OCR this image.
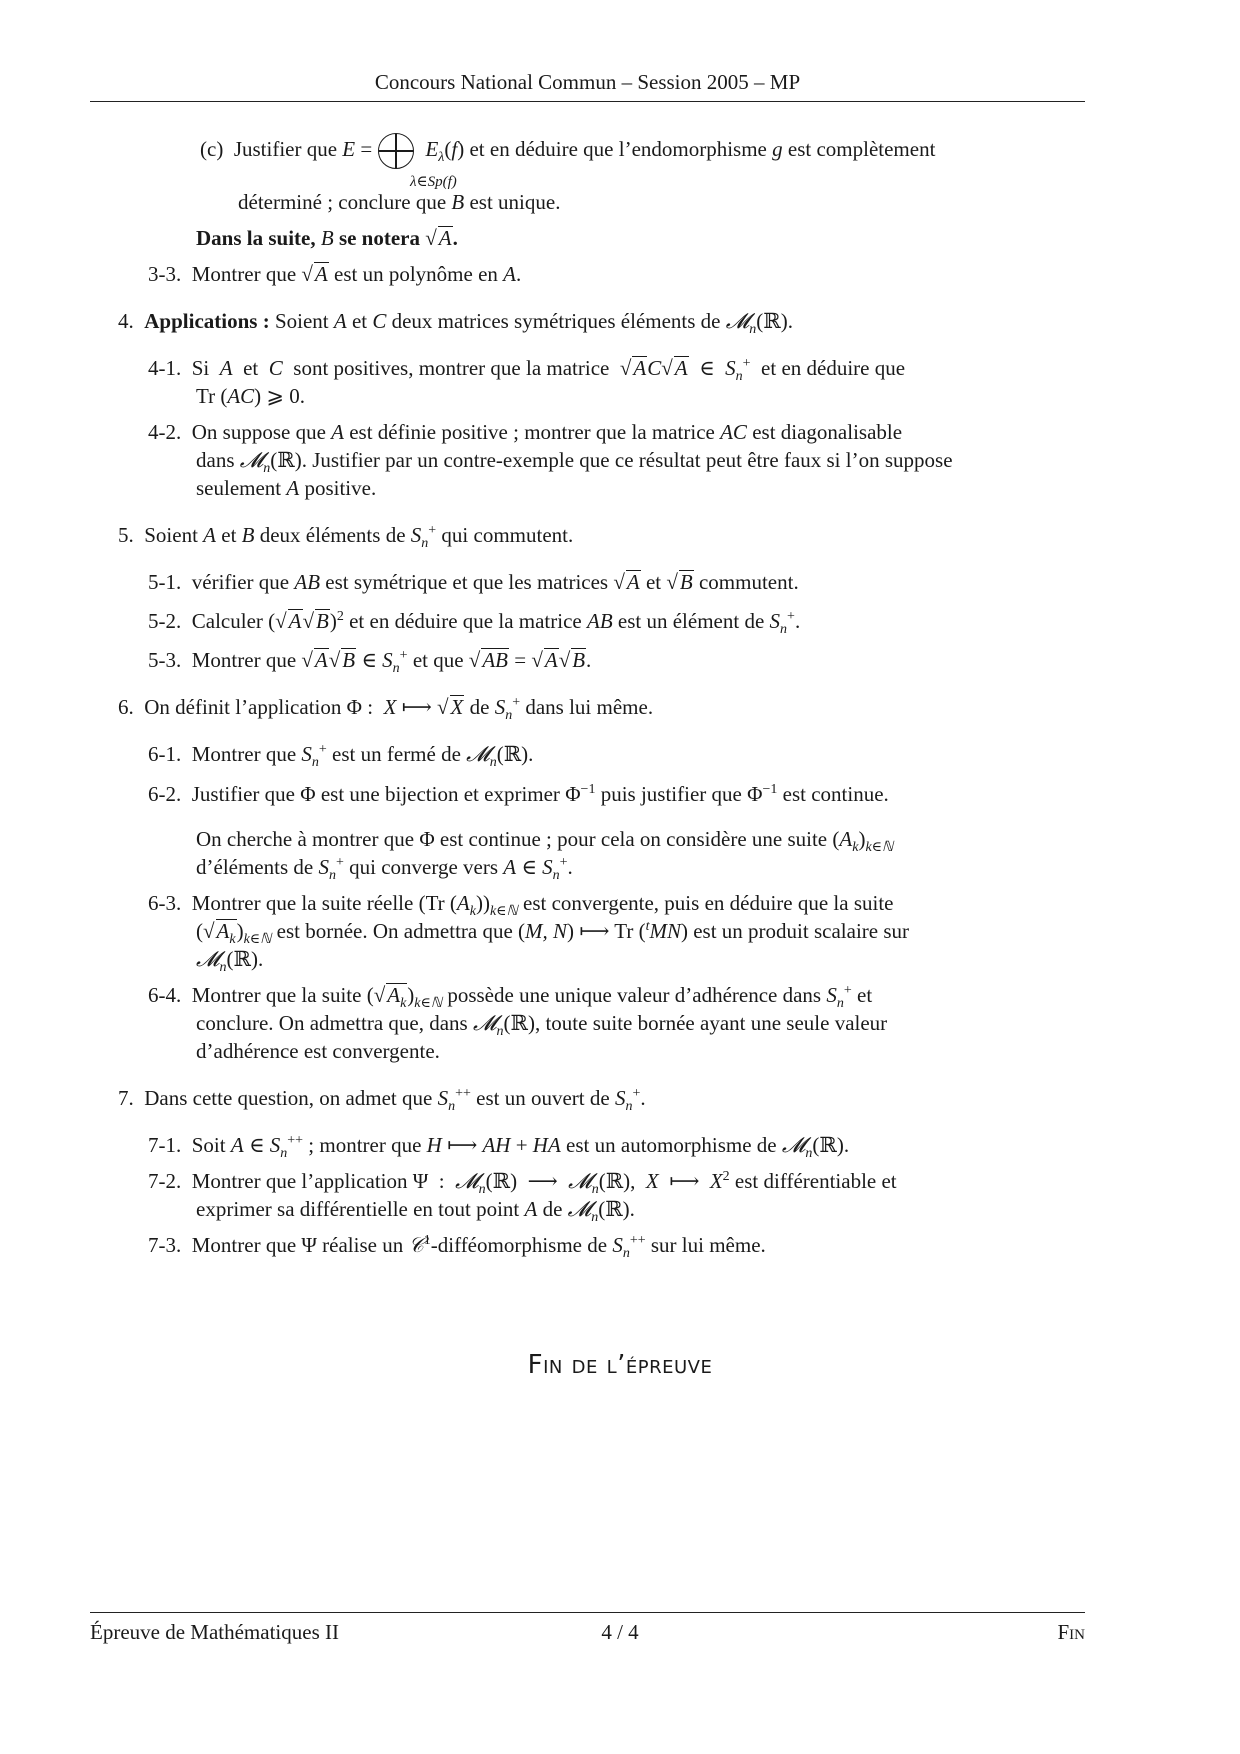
Concours National Commun – Session 2005 – MP
(c) Justifier que E =	$E_\lambda(f)$ et en déduire que l’endomorphisme g est complètement
λ∈Sp(f)
déterminé ; conclure que B est unique.
Dans la suite, B se notera √A.
3-3. Montrer que √A est un polynôme en A.
4. Applications : Soient A et C deux matrices symétriques éléments de 𝓜$_n$(ℝ).
4-1. Si A et C sont positives, montrer que la matrice  √AC√A  ∈  $S_n^+$ et en déduire que
Tr (AC) ⩾ 0.
4-2. On suppose que A est définie positive ; montrer que la matrice AC est diagonalisable
dans 𝓜$_n$(ℝ). Justifier par un contre-exemple que ce résultat peut être faux si l’on suppose
seulement A positive.
5. Soient A et B deux éléments de $S_n^+$ qui commutent.
5-1. vérifier que AB est symétrique et que les matrices √A et √B commutent.
5-2. Calculer $(√A√B)^2$ et en déduire que la matrice AB est un élément de $S_n^+$.
5-3. Montrer que √A√B ∈ $S_n^+$ et que √AB = √A√B.
6. On définit l’application Φ :  X ⟼ √X de $S_n^+$ dans lui même.
6-1. Montrer que $S_n^+$ est un fermé de 𝓜$_n$(ℝ).
6-2. Justifier que Φ est une bijection et exprimer $\Phi^{-1}$ puis justifier que $\Phi^{-1}$ est continue.
On cherche à montrer que Φ est continue ; pour cela on considère une suite $(A_k)_{k\in ℕ}$
d’éléments de $S_n^+$ qui converge vers A ∈ $S_n^+$.
6-3. Montrer que la suite réelle (Tr $(A_k))_{k\in ℕ}$ est convergente, puis en déduire que la suite
$(√A_k)_{k\in ℕ}$ est bornée. On admettra que (M, N) ⟼ Tr ($^t$MN) est un produit scalaire sur
𝓜$_n$(ℝ).
6-4. Montrer que la suite $(√A_k)_{k\in ℕ}$ possède une unique valeur d’adhérence dans $S_n^+$ et
conclure. On admettra que, dans 𝓜$_n$(ℝ), toute suite bornée ayant une seule valeur
d’adhérence est convergente.
7. Dans cette question, on admet que $S_n^{++}$ est un ouvert de $S_n^+$.
7-1. Soit A ∈ $S_n^{++}$ ; montrer que H ⟼ AH + HA est un automorphisme de 𝓜$_n$(ℝ).
7-2. Montrer que l’application Ψ  :  𝓜$_n$(ℝ)  ⟶  𝓜$_n$(ℝ),  X  ⟼  $X^2$ est différentiable et
exprimer sa différentielle en tout point A de 𝓜$_n$(ℝ).
7-3. Montrer que Ψ réalise un 𝒞$^1$-difféomorphisme de $S_n^{++}$ sur lui même.
Fin de l’épreuve
Épreuve de Mathématiques II	4 / 4	Fin
